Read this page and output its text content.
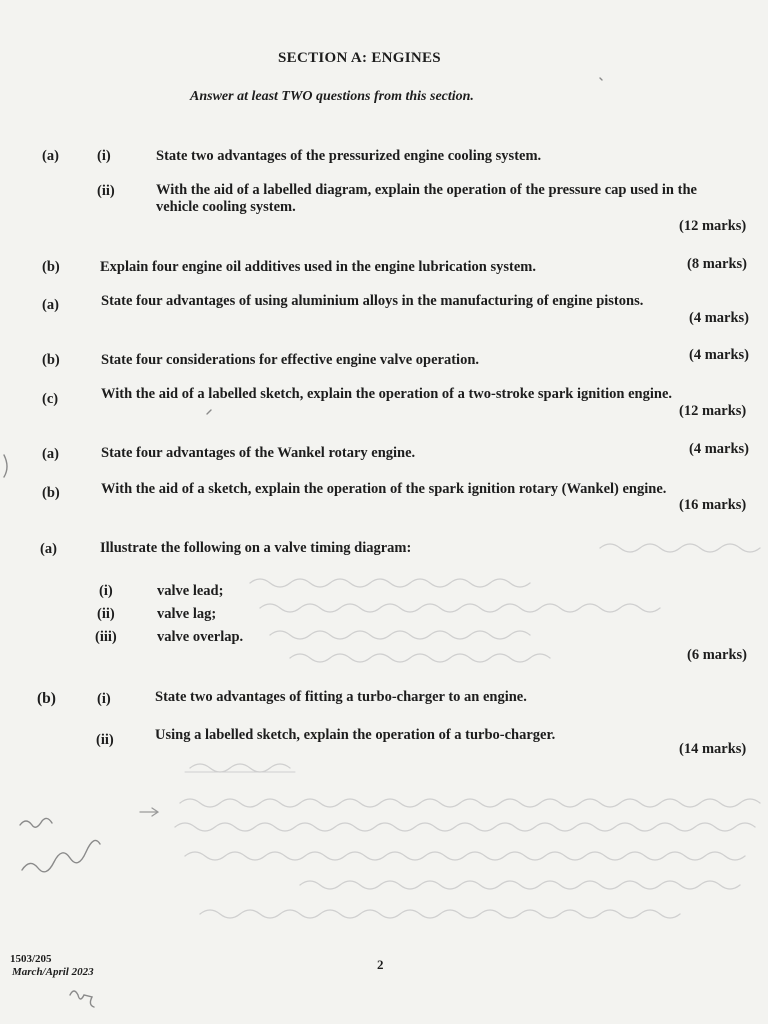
SECTION A: ENGINES
Answer at least TWO questions from this section.
(a)	(i)	State two advantages of the pressurized engine cooling system.
(ii)	With the aid of a labelled diagram, explain the operation of the pressure cap used in the vehicle cooling system.
(12 marks)
(b)	Explain four engine oil additives used in the engine lubrication system.	(8 marks)
(a)	State four advantages of using aluminium alloys in the manufacturing of engine pistons.
(4 marks)
(b)	State four considerations for effective engine valve operation.	(4 marks)
(c)	With the aid of a labelled sketch, explain the operation of a two-stroke spark ignition engine.
(12 marks)
(a)	State four advantages of the Wankel rotary engine.	(4 marks)
(b)	With the aid of a sketch, explain the operation of the spark ignition rotary (Wankel) engine.
(16 marks)
(a)	Illustrate the following on a valve timing diagram:
(i)	valve lead;
(ii)	valve lag;
(iii)	valve overlap.
(6 marks)
(b)	(i)	State two advantages of fitting a turbo-charger to an engine.
(ii)	Using a labelled sketch, explain the operation of a turbo-charger.
(14 marks)
1503/205
March/April 2023	2
